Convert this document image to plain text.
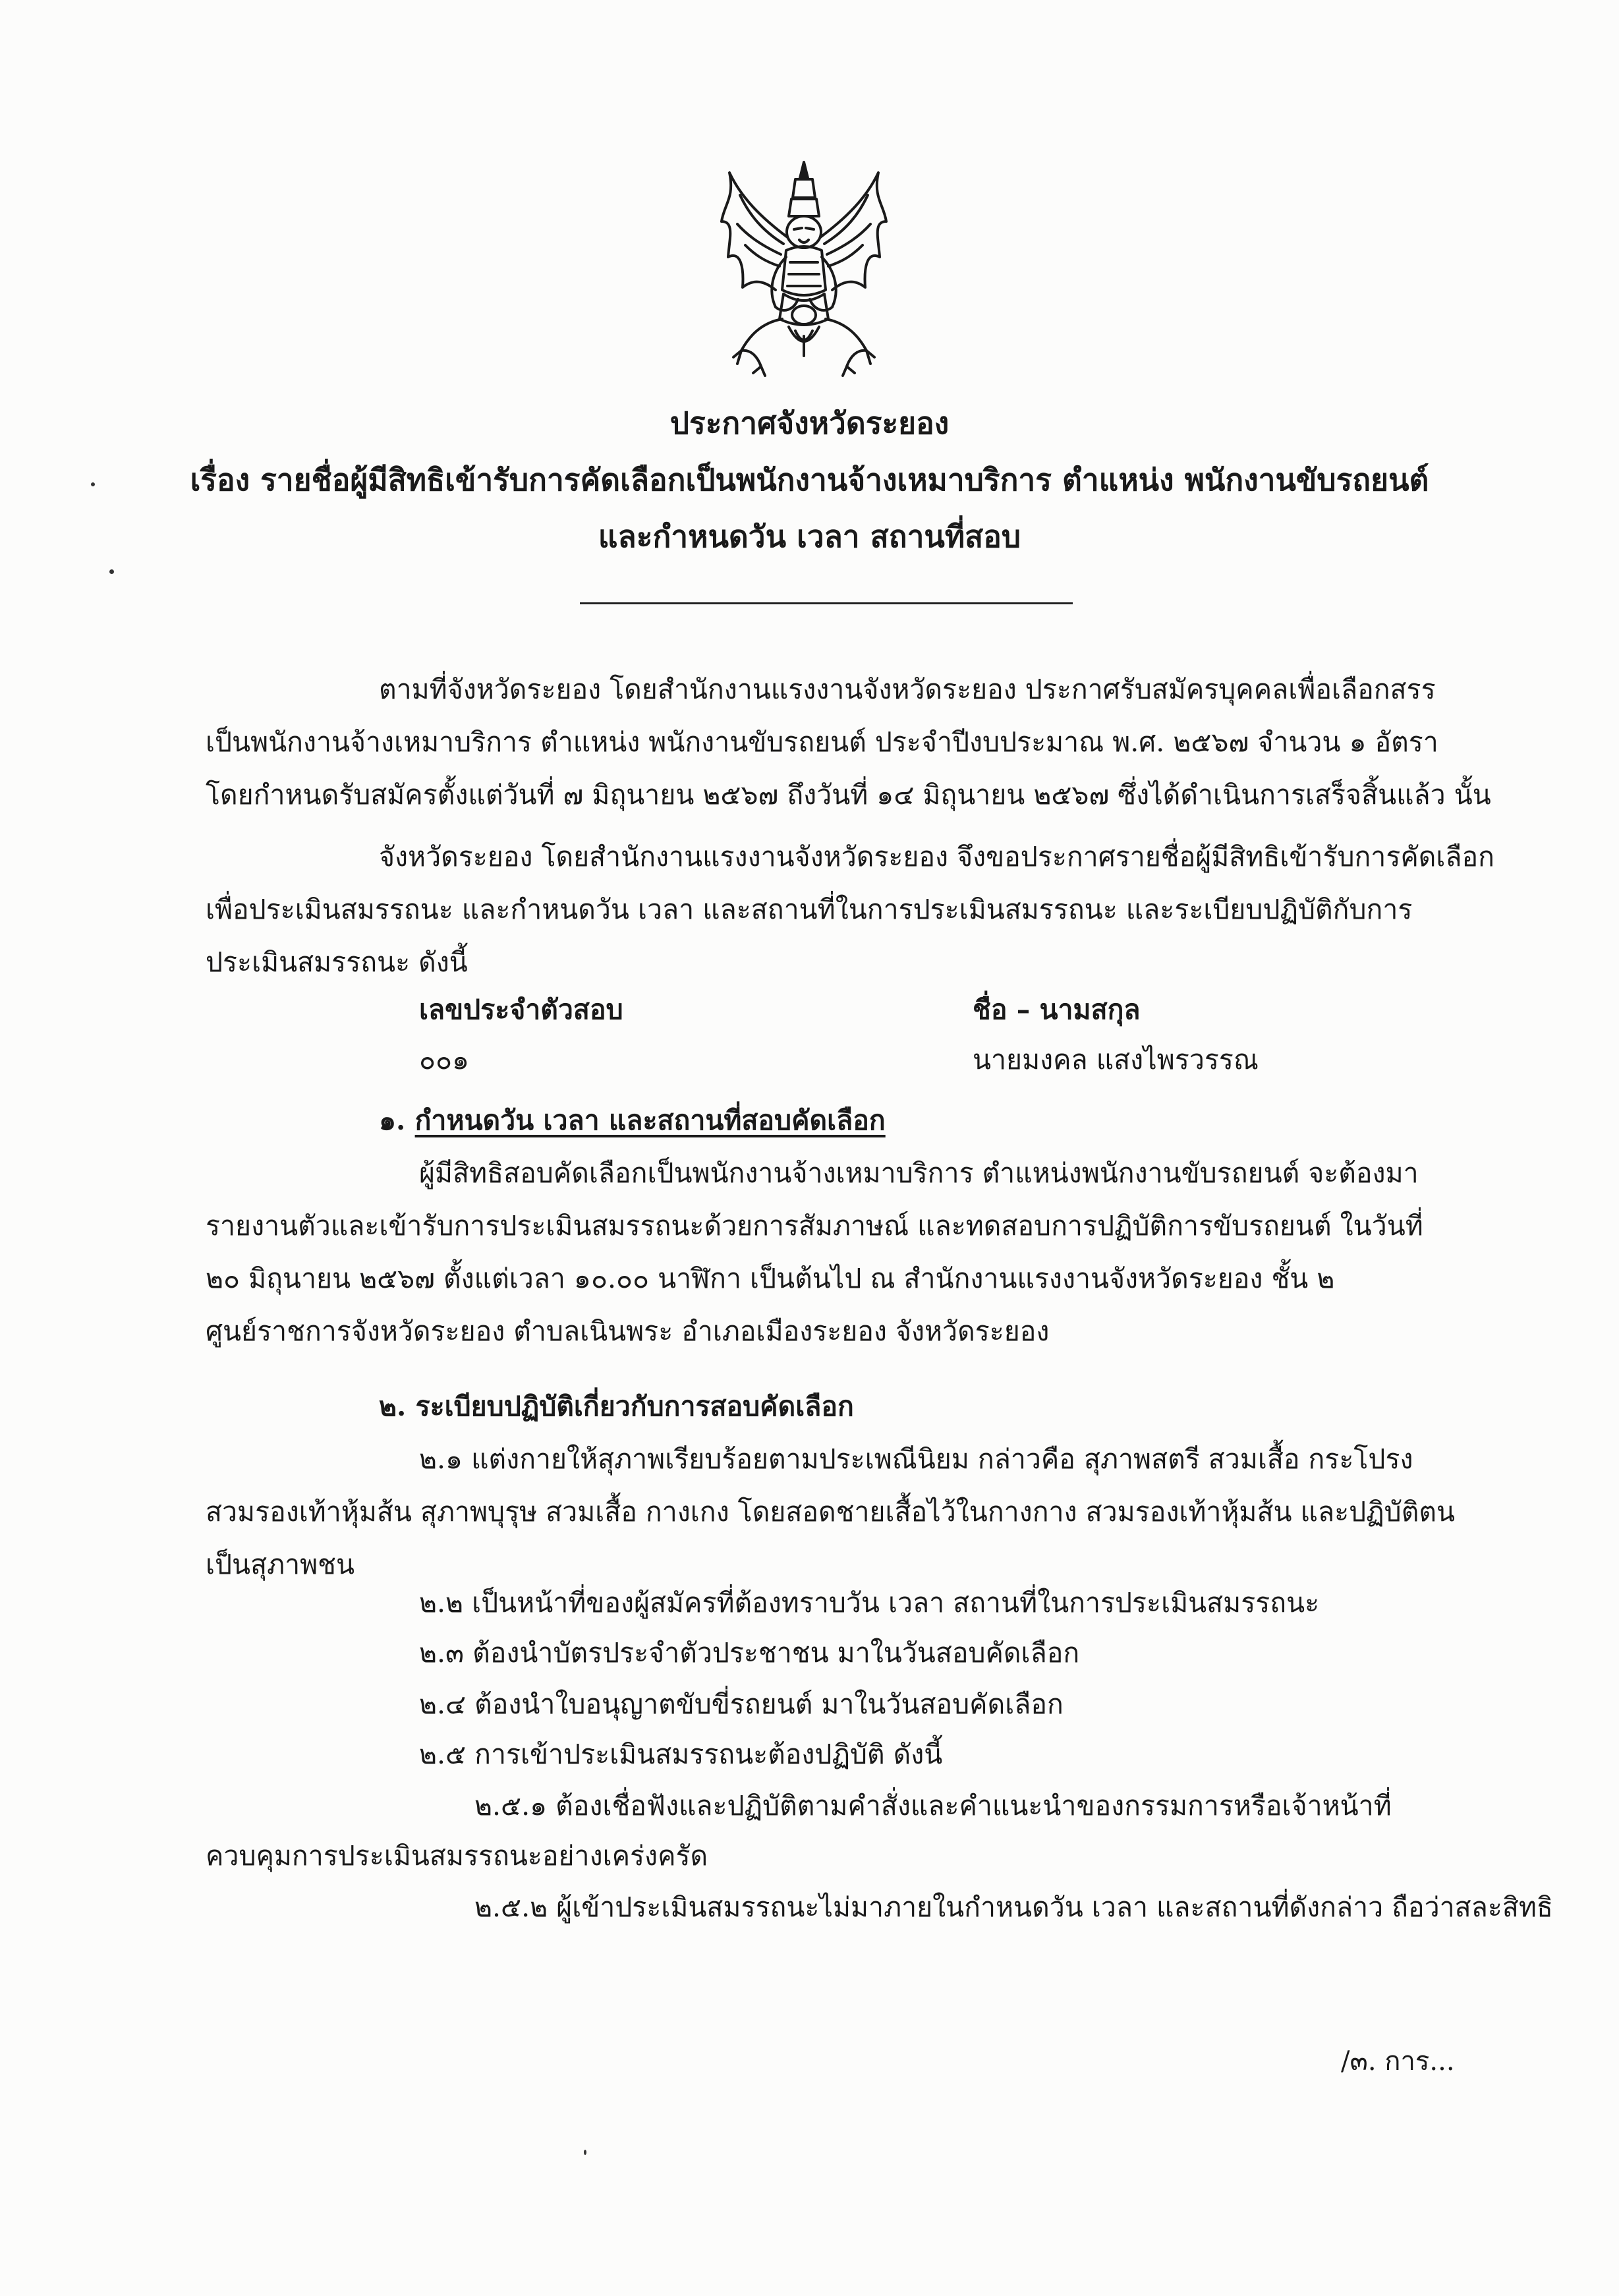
ประกาศจังหวัดระยอง
เรื่อง รายชื่อผู้มีสิทธิเข้ารับการคัดเลือกเป็นพนักงานจ้างเหมาบริการ ตำแหน่ง พนักงานขับรถยนต์
และกำหนดวัน เวลา สถานที่สอบ
ตามที่จังหวัดระยอง โดยสำนักงานแรงงานจังหวัดระยอง ประกาศรับสมัครบุคคลเพื่อเลือกสรร
เป็นพนักงานจ้างเหมาบริการ ตำแหน่ง พนักงานขับรถยนต์ ประจำปีงบประมาณ พ.ศ. ๒๕๖๗ จำนวน ๑ อัตรา
โดยกำหนดรับสมัครตั้งแต่วันที่ ๗ มิถุนายน ๒๕๖๗ ถึงวันที่ ๑๔ มิถุนายน ๒๕๖๗ ซึ่งได้ดำเนินการเสร็จสิ้นแล้ว นั้น
จังหวัดระยอง โดยสำนักงานแรงงานจังหวัดระยอง จึงขอประกาศรายชื่อผู้มีสิทธิเข้ารับการคัดเลือก
เพื่อประเมินสมรรถนะ และกำหนดวัน เวลา และสถานที่ในการประเมินสมรรถนะ และระเบียบปฏิบัติกับการ
ประเมินสมรรถนะ ดังนี้
เลขประจำตัวสอบ	ชื่อ – นามสกุล
๐๐๑	นายมงคล แสงไพรวรรณ
๑. กำหนดวัน เวลา และสถานที่สอบคัดเลือก
ผู้มีสิทธิสอบคัดเลือกเป็นพนักงานจ้างเหมาบริการ ตำแหน่งพนักงานขับรถยนต์ จะต้องมา
รายงานตัวและเข้ารับการประเมินสมรรถนะด้วยการสัมภาษณ์ และทดสอบการปฏิบัติการขับรถยนต์ ในวันที่
๒๐ มิถุนายน ๒๕๖๗ ตั้งแต่เวลา ๑๐.๐๐ นาฬิกา เป็นต้นไป ณ สำนักงานแรงงานจังหวัดระยอง ชั้น ๒
ศูนย์ราชการจังหวัดระยอง ตำบลเนินพระ อำเภอเมืองระยอง จังหวัดระยอง
๒. ระเบียบปฏิบัติเกี่ยวกับการสอบคัดเลือก
๒.๑ แต่งกายให้สุภาพเรียบร้อยตามประเพณีนิยม กล่าวคือ สุภาพสตรี สวมเสื้อ กระโปรง
สวมรองเท้าหุ้มส้น สุภาพบุรุษ สวมเสื้อ กางเกง โดยสอดชายเสื้อไว้ในกางกาง สวมรองเท้าหุ้มส้น และปฏิบัติตน
เป็นสุภาพชน
๒.๒ เป็นหน้าที่ของผู้สมัครที่ต้องทราบวัน เวลา สถานที่ในการประเมินสมรรถนะ
๒.๓ ต้องนำบัตรประจำตัวประชาชน มาในวันสอบคัดเลือก
๒.๔ ต้องนำใบอนุญาตขับขี่รถยนต์ มาในวันสอบคัดเลือก
๒.๕ การเข้าประเมินสมรรถนะต้องปฏิบัติ ดังนี้
๒.๕.๑ ต้องเชื่อฟังและปฏิบัติตามคำสั่งและคำแนะนำของกรรมการหรือเจ้าหน้าที่
ควบคุมการประเมินสมรรถนะอย่างเคร่งครัด
๒.๕.๒ ผู้เข้าประเมินสมรรถนะไม่มาภายในกำหนดวัน เวลา และสถานที่ดังกล่าว ถือว่าสละสิทธิ
/๓. การ...
